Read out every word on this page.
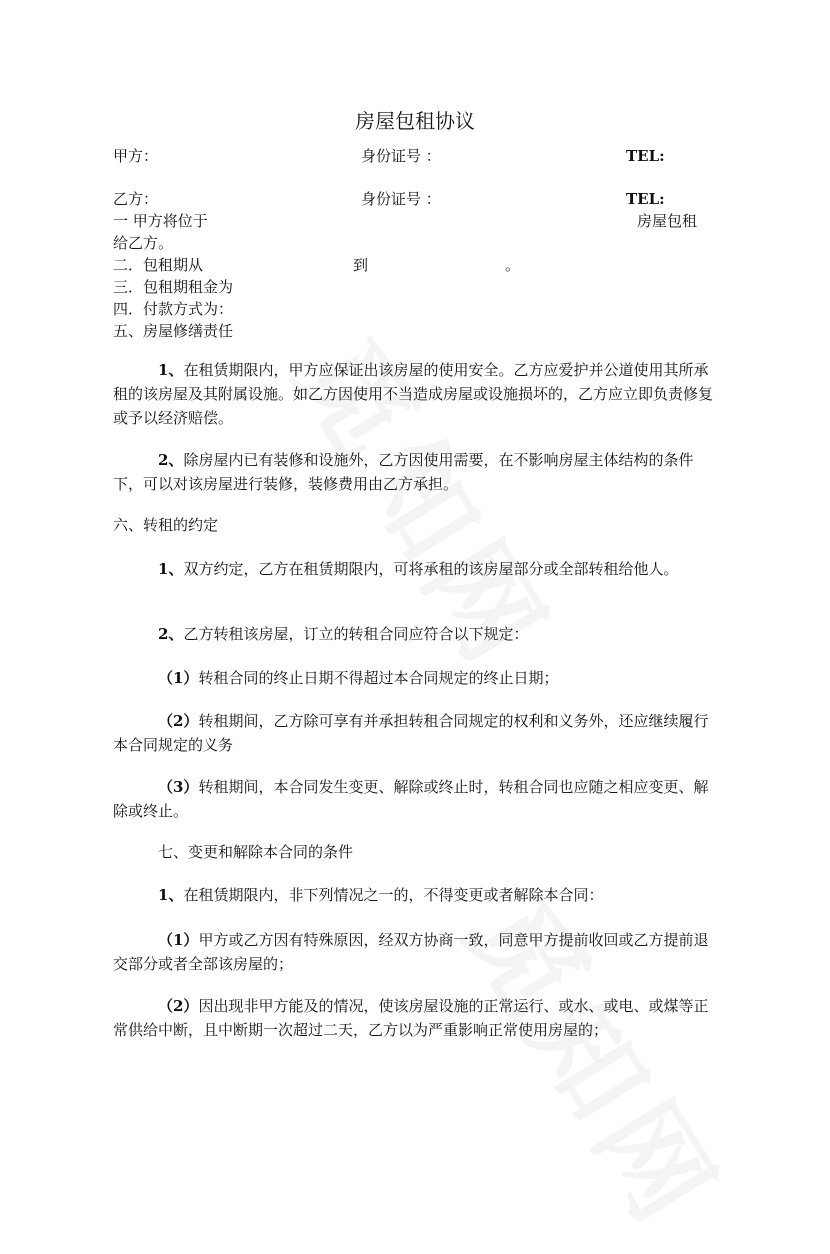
房屋包租协议
甲方：	身份证号 ：	TEL:
乙方：	身份证号 ：	TEL:
一 甲方将位于	房屋包租
给乙方。
二．包租期从	到	。
三．包租期租金为
四．付款方式为：
五、房屋修缮责任
1、在租赁期限内，甲方应保证出该房屋的使用安全。乙方应爱护并公道使用其所承租的该房屋及其附属设施。如乙方因使用不当造成房屋或设施损坏的，乙方应立即负责修复或予以经济赔偿。
2、除房屋内已有装修和设施外，乙方因使用需要，在不影响房屋主体结构的条件下，可以对该房屋进行装修，装修费用由乙方承担。
六、转租的约定
1、双方约定，乙方在租赁期限内，可将承租的该房屋部分或全部转租给他人。
2、乙方转租该房屋，订立的转租合同应符合以下规定：
（1）转租合同的终止日期不得超过本合同规定的终止日期；
（2）转租期间，乙方除可享有并承担转租合同规定的权利和义务外，还应继续履行本合同规定的义务
（3）转租期间，本合同发生变更、解除或终止时，转租合同也应随之相应变更、解除或终止。
七、变更和解除本合同的条件
1、在租赁期限内，非下列情况之一的，不得变更或者解除本合同：
（1）甲方或乙方因有特殊原因，经双方协商一致，同意甲方提前收回或乙方提前退交部分或者全部该房屋的；
（2）因出现非甲方能及的情况，使该房屋设施的正常运行、或水、或电、或煤等正常供给中断，且中断期一次超过二天，乙方以为严重影响正常使用房屋的；
